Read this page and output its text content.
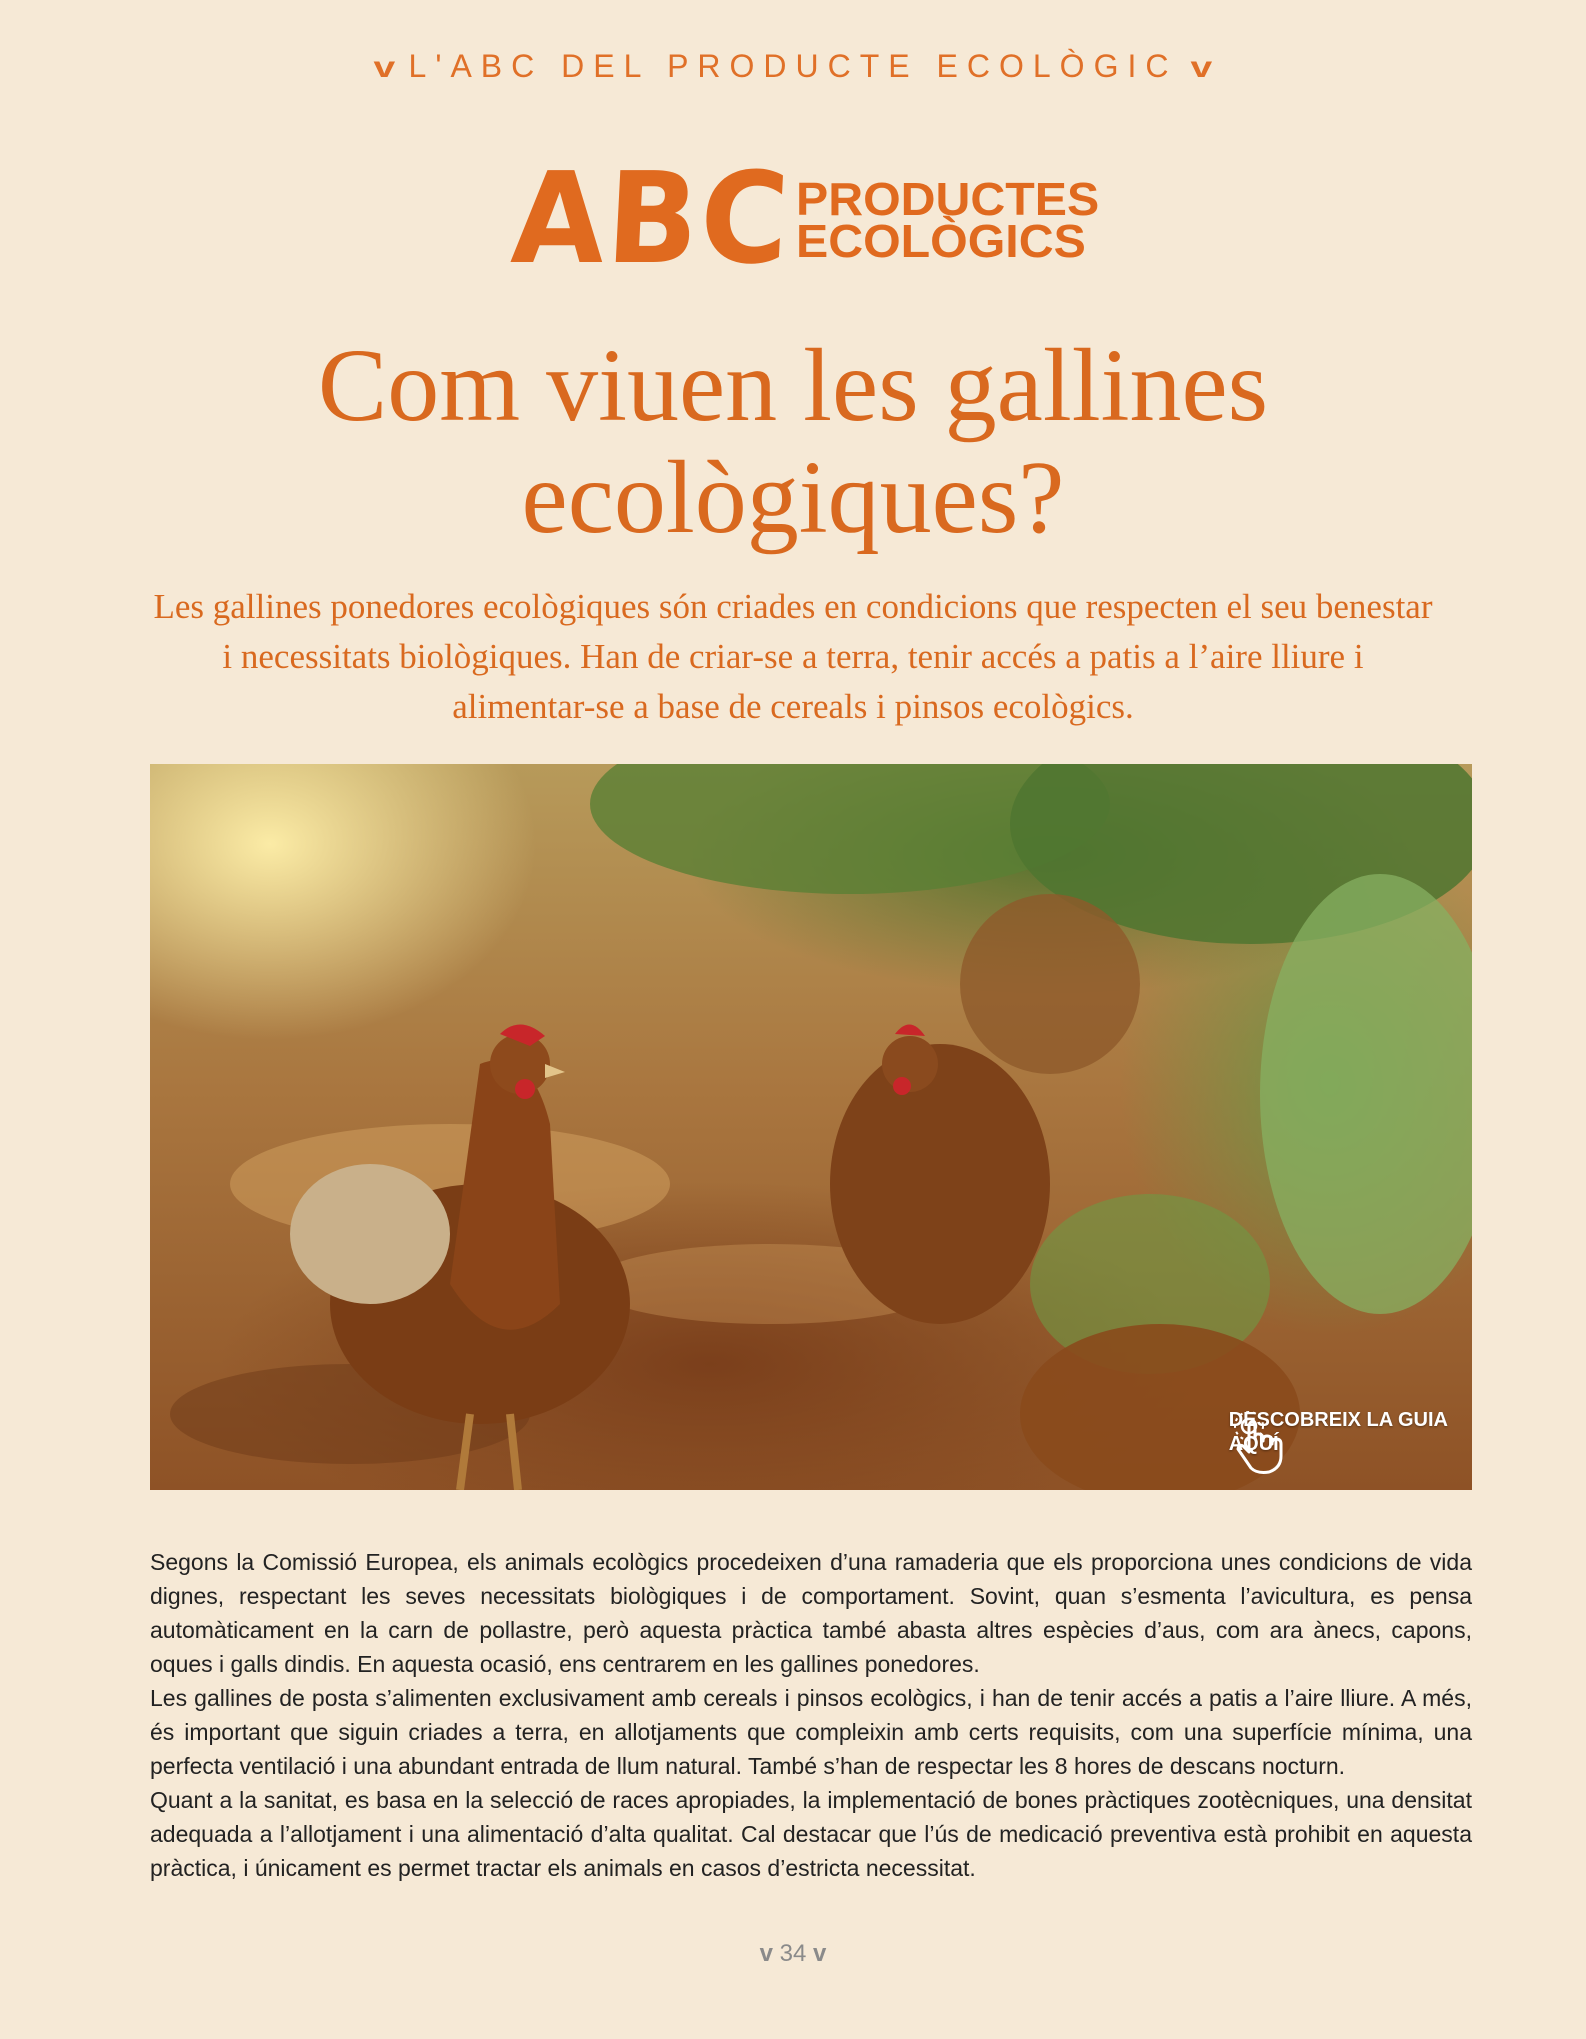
v L'ABC DEL PRODUCTE ECOLÒGIC v
ABC PRODUCTES
ECOLÒGICS
Com viuen les gallines
ecològiques?
Les gallines ponedores ecològiques són criades en condicions que respecten el seu benestar i necessitats biològiques. Han de criar-se a terra, tenir accés a patis a l’aire lliure i alimentar-se a base de cereals i pinsos ecològics.
DESCOBREIX LA GUIA
AQUÍ

Segons la Comissió Europea, els animals ecològics procedeixen d’una ramaderia que els proporciona unes condicions de vida dignes, respectant les seves necessitats biològiques i de comportament. Sovint, quan s’esmenta l’avicultura, es pensa automàticament en la carn de pollastre, però aquesta pràctica també abasta altres espècies d’aus, com ara ànecs, capons, oques i galls dindis. En aquesta ocasió, ens centrarem en les gallines ponedores.

Les gallines de posta s’alimenten exclusivament amb cereals i pinsos ecològics, i han de tenir accés a patis a l’aire lliure. A més, és important que siguin criades a terra, en allotjaments que compleixin amb certs requisits, com una superfície mínima, una perfecta ventilació i una abundant entrada de llum natural. També s’han de respectar les 8 hores de descans nocturn.

Quant a la sanitat, es basa en la selecció de races apropiades, la implementació de bones pràctiques zootècniques, una densitat adequada a l’allotjament i una alimentació d’alta qualitat. Cal destacar que l’ús de medicació preventiva està prohibit en aquesta pràctica, i únicament es permet tractar els animals en casos d’estricta necessitat.

v 34 v
